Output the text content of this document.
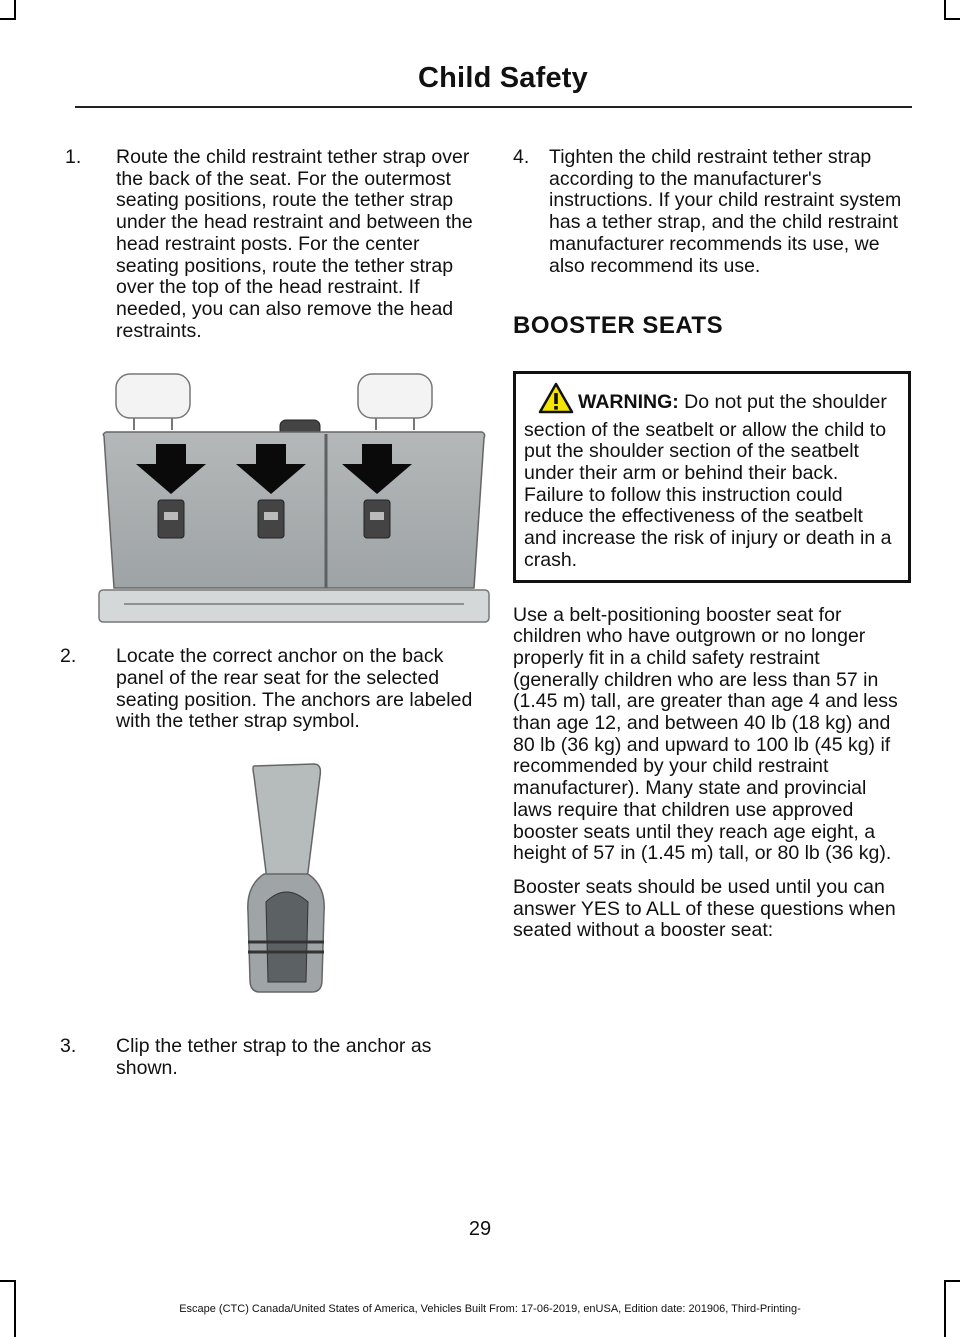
Child Safety
1. Route the child restraint tether strap over the back of the seat. For the outermost seating positions, route the tether strap under the head restraint and between the head restraint posts. For the center seating positions, route the tether strap over the top of the head restraint. If needed, you can also remove the head restraints.
2. Locate the correct anchor on the back panel of the rear seat for the selected seating position. The anchors are labeled with the tether strap symbol.
3. Clip the tether strap to the anchor as shown.
4. Tighten the child restraint tether strap according to the manufacturer's instructions. If your child restraint system has a tether strap, and the child restraint manufacturer recommends its use, we also recommend its use.
BOOSTER SEATS
WARNING: Do not put the shoulder section of the seatbelt or allow the child to put the shoulder section of the seatbelt under their arm or behind their back. Failure to follow this instruction could reduce the effectiveness of the seatbelt and increase the risk of injury or death in a crash.

Use a belt-positioning booster seat for children who have outgrown or no longer properly fit in a child safety restraint (generally children who are less than 57 in (1.45 m) tall, are greater than age 4 and less than age 12, and between 40 lb (18 kg) and 80 lb (36 kg) and upward to 100 lb (45 kg) if recommended by your child restraint manufacturer). Many state and provincial laws require that children use approved booster seats until they reach age eight, a height of 57 in (1.45 m) tall, or 80 lb (36 kg).

Booster seats should be used until you can answer YES to ALL of these questions when seated without a booster seat:

29
Escape (CTC) Canada/United States of America, Vehicles Built From: 17-06-2019, enUSA, Edition date: 201906, Third-Printing-
